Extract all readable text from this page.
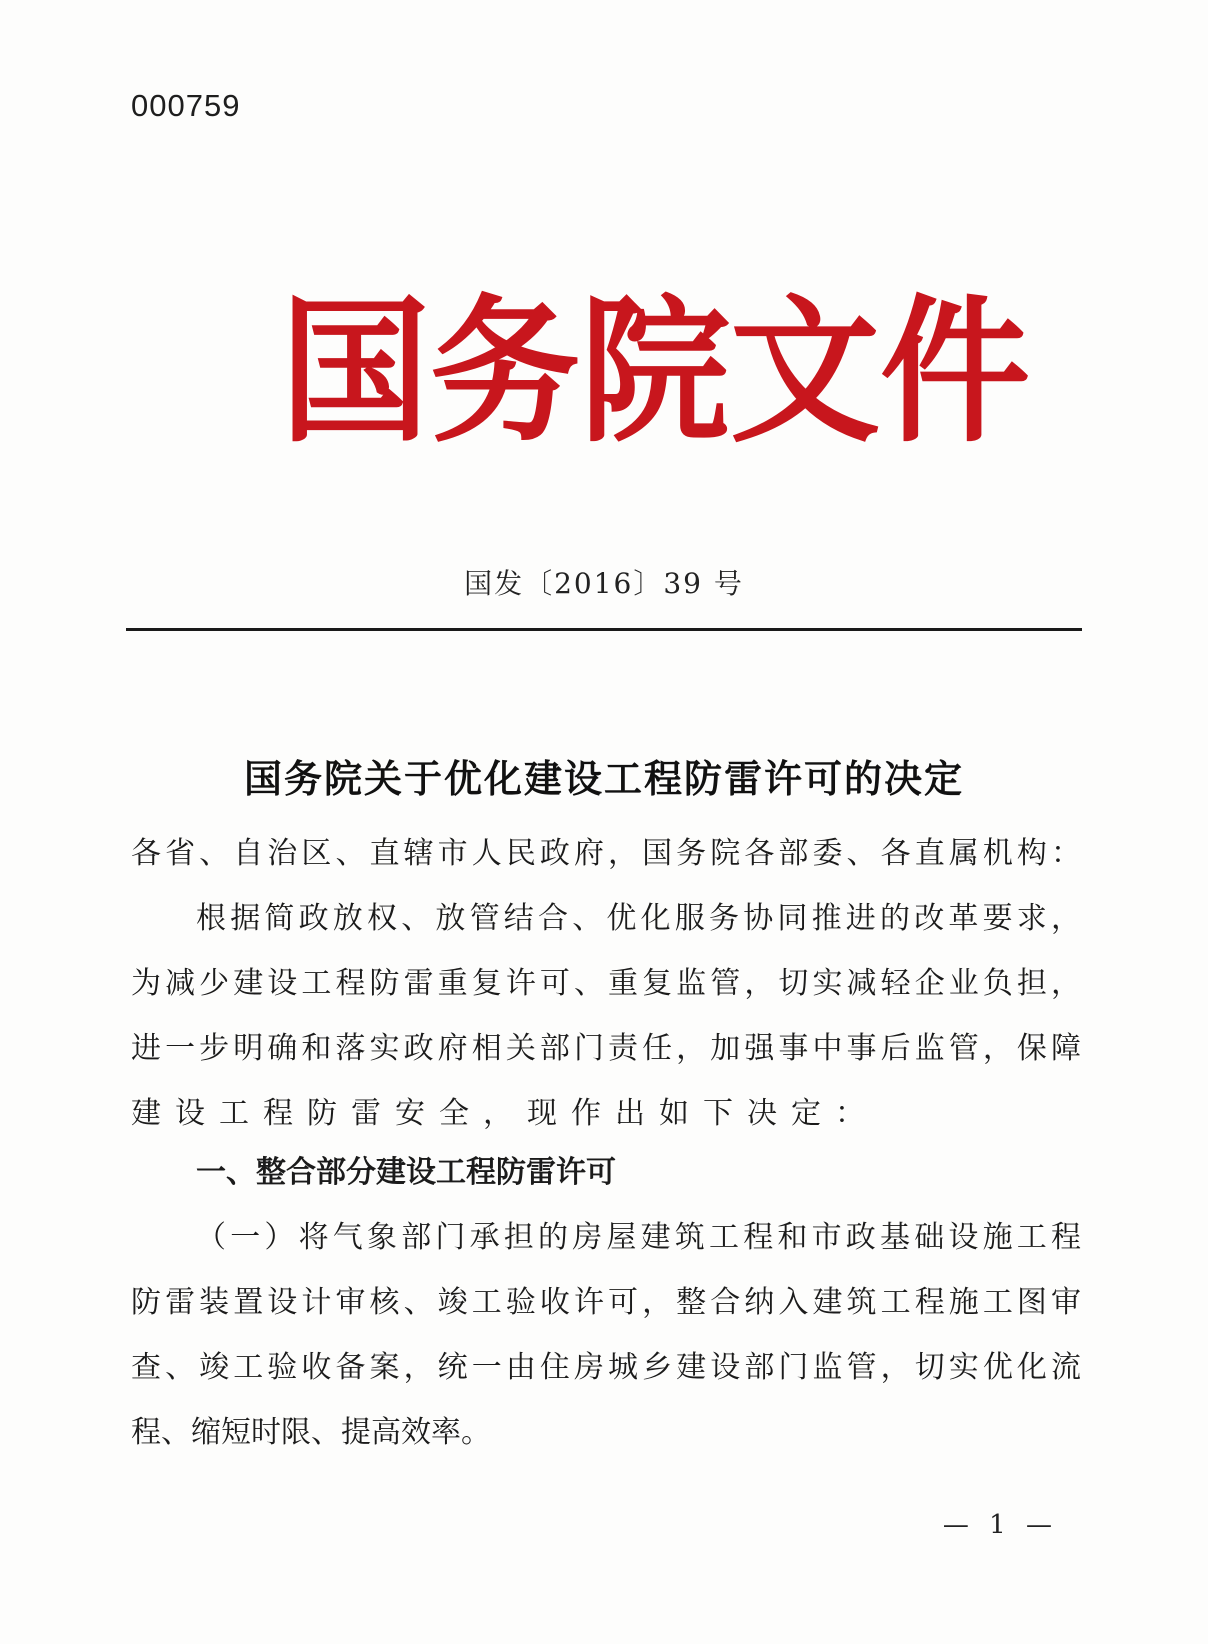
000759
国 务 院 文 件
国发〔2016〕39 号
国务院关于优化建设工程防雷许可的决定
各省、自治区、直辖市人民政府，国务院各部委、各直属机构：
根据简政放权、放管结合、优化服务协同推进的改革要求，
为减少建设工程防雷重复许可、重复监管，切实减轻企业负担，
进一步明确和落实政府相关部门责任，加强事中事后监管，保障
建设工程防雷安全，现作出如下决定：
一、整合部分建设工程防雷许可
（一）将气象部门承担的房屋建筑工程和市政基础设施工程
防雷装置设计审核、竣工验收许可，整合纳入建筑工程施工图审
查、竣工验收备案，统一由住房城乡建设部门监管，切实优化流
程、缩短时限、提高效率。
— 1 —
